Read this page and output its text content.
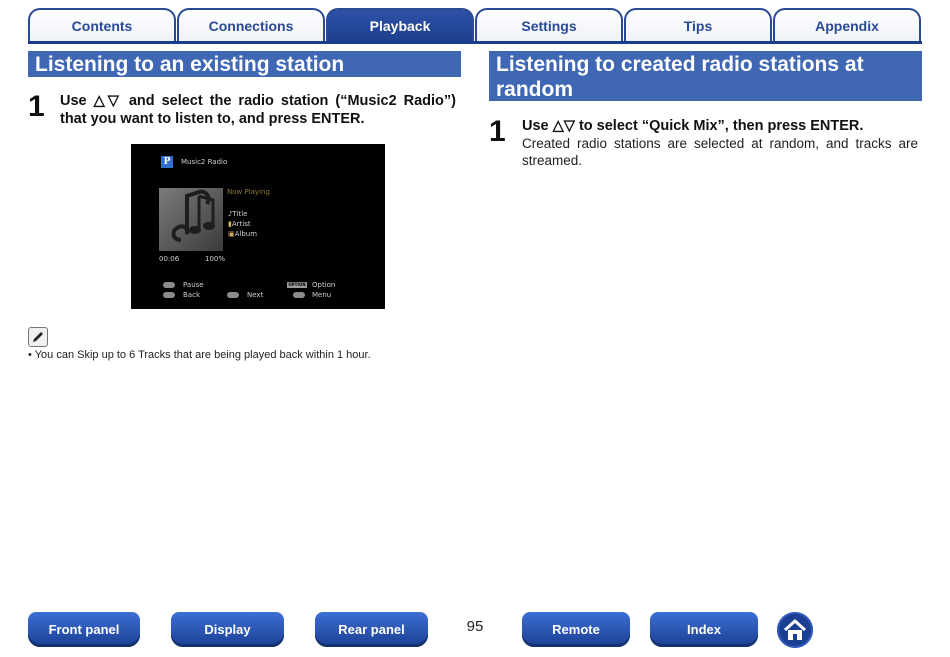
Contents	Connections	Playback	Settings	Tips	Appendix
Listening to an existing station
1 Use △▽ and select the radio station (“Music2 Radio”) that you want to listen to, and press ENTER.
P	Music2 Radio
Now Playing
♪Title
▮Artist
▣Album
00:06	100%
Pause
Back	Next
OPTION Option
Menu
• You can Skip up to 6 Tracks that are being played back within 1 hour.
Listening to created radio stations at random
1 Use △▽ to select “Quick Mix”, then press ENTER.
Created radio stations are selected at random, and tracks are streamed.
Front panel	Display	Rear panel	95	Remote	Index
